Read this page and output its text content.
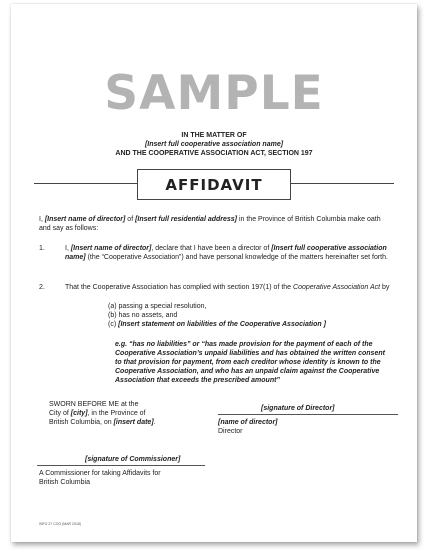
SAMPLE
IN THE MATTER OF
[Insert full cooperative association name]
AND THE COOPERATIVE ASSOCIATION ACT, SECTION 197
AFFIDAVIT
I, [Insert name of director] of [Insert full residential address] in the Province of British Columbia make oath and say as follows:
1.	I, [Insert name of director], declare that I have been a director of [Insert full cooperative association name] (the “Cooperative Association”) and have personal knowledge of the matters hereinafter set forth.
2.	That the Cooperative Association has complied with section 197(1) of the Cooperative Association Act by
(a) passing a special resolution,
(b) has no assets, and
(c) [Insert statement on liabilities of the Cooperative Association ]
e.g. “has no liabilities” or “has made provision for the payment of each of the Cooperative Association’s unpaid liabilities and has obtained the written consent to that provision for payment, from each creditor whose identity is known to the Cooperative Association, and who has an unpaid claim against the Cooperative Association that exceeds the prescribed amount”
SWORN BEFORE ME at the
City of [city], in the Province of
British Columbia, on [insert date].
[signature of Director]
[name of director]
Director
[signature of Commissioner]
A Commissioner for taking Affidavits for
British Columbia
INFO 27 COO (MAR 2018)
